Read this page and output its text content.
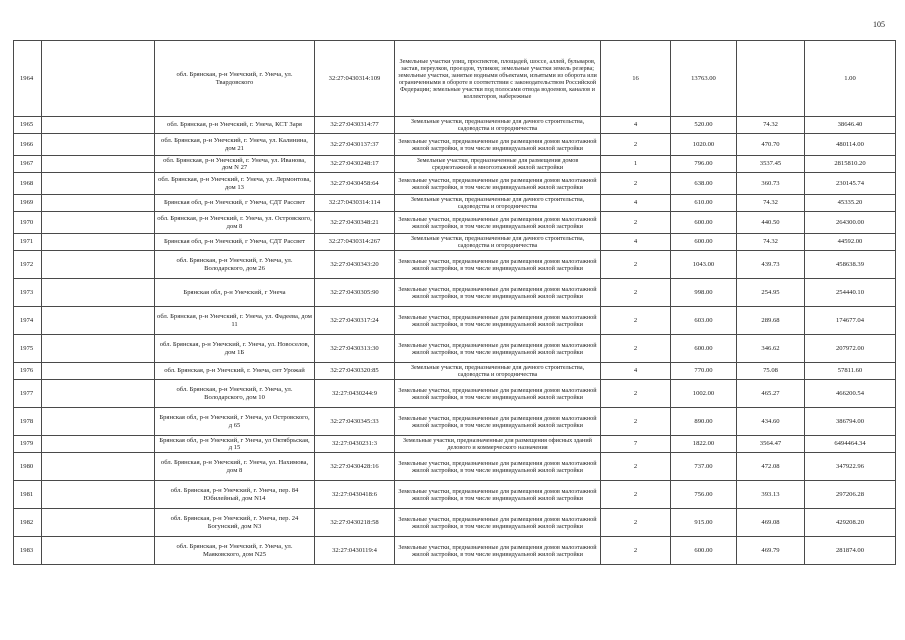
105
1964		обл. Брянская, р-н Унечский, г. Унеча, ул. Твардовского	32:27:0430314:109	Земельные участки улиц, проспектов, площадей, шоссе, аллей, бульваров, застав, переулков, проездов, тупиков; земельные участки земель резерва; земельные участки, занятые водными объектами, изъятыми из оборота или ограниченными в обороте в соответствии с законодательством Российской Федерации; земельные участки под полосами отвода водоемов, каналов и коллекторов, набережные	16	13763.00		1.00
1965		обл. Брянская, р-н Унечский, г. Унеча, КСТ Заря	32:27:0430314:77	Земельные участки, предназначенные для дачного строительства, садоводства и огородничества	4	520.00	74.32	38646.40
1966		обл. Брянская, р-н Унечский, г. Унеча, ул. Калинина, дом 21	32:27:0430137:37	Земельные участки, предназначенные для размещения домов малоэтажной жилой застройки, в том числе индивидуальной жилой застройки	2	1020.00	470.70	480114.00
1967		обл. Брянская, р-н Унечский, г. Унеча, ул. Иванова, дом N 27	32:27:0430248:17	Земельные участки, предназначенные для размещения домов среднеэтажной и многоэтажной жилой застройки	1	796.00	3537.45	2815810.20
1968		обл. Брянская, р-н Унечский, г. Унеча, ул. Лермонтова, дом 13	32:27:0430458:64	Земельные участки, предназначенные для размещения домов малоэтажной жилой застройки, в том числе индивидуальной жилой застройки	2	638.00	360.73	230145.74
1969		Брянская обл, р-н Унечский, г Унеча, СДТ Рассвет	32:27:0430314:114	Земельные участки, предназначенные для дачного строительства, садоводства и огородничества	4	610.00	74.32	45335.20
1970		обл. Брянская, р-н Унечский, г. Унеча, ул. Островского, дом 8	32:27:0430348:21	Земельные участки, предназначенные для размещения домов малоэтажной жилой застройки, в том числе индивидуальной жилой застройки	2	600.00	440.50	264300.00
1971		Брянская обл, р-н Унечский, г Унеча, СДТ Рассвет	32:27:0430314:267	Земельные участки, предназначенные для дачного строительства, садоводства и огородничества	4	600.00	74.32	44592.00
1972		обл. Брянская, р-н Унечский, г. Унеча, ул. Володарского, дом 26	32:27:0430343:20	Земельные участки, предназначенные для размещения домов малоэтажной жилой застройки, в том числе индивидуальной жилой застройки	2	1043.00	439.73	458638.39
1973		Брянская обл, р-н Унечский, г Унеча	32:27:0430305:90	Земельные участки, предназначенные для размещения домов малоэтажной жилой застройки, в том числе индивидуальной жилой застройки	2	998.00	254.95	254440.10
1974		обл. Брянская, р-н Унечский, г. Унеча, ул. Фадеева, дом 11	32:27:0430317:24	Земельные участки, предназначенные для размещения домов малоэтажной жилой застройки, в том числе индивидуальной жилой застройки	2	603.00	289.68	174677.04
1975		обл. Брянская, р-н Унечский, г. Унеча, ул. Новоселов, дом 1Б	32:27:0430313:30	Земельные участки, предназначенные для размещения домов малоэтажной жилой застройки, в том числе индивидуальной жилой застройки	2	600.00	346.62	207972.00
1976		обл. Брянская, р-н Унечский, г. Унеча, снт Урожай	32:27:0430320:85	Земельные участки, предназначенные для дачного строительства, садоводства и огородничества	4	770.00	75.08	57811.60
1977		обл. Брянская, р-н Унечский, г. Унеча, ул. Володарского, дом 10	32:27:0430244:9	Земельные участки, предназначенные для размещения домов малоэтажной жилой застройки, в том числе индивидуальной жилой застройки	2	1002.00	465.27	466200.54
1978		Брянская обл, р-н Унечский, г Унеча, ул Островского, д 65	32:27:0430345:33	Земельные участки, предназначенные для размещения домов малоэтажной жилой застройки, в том числе индивидуальной жилой застройки	2	890.00	434.60	386794.00
1979		Брянская обл, р-н Унечский, г Унеча, ул Октябрьская, д 15	32:27:0430231:3	Земельные участки, предназначенные для размещения офисных зданий делового и коммерческого назначения	7	1822.00	3564.47	6494464.34
1980		обл. Брянская, р-н Унечский, г. Унеча, ул. Нахимова, дом 8	32:27:0430428:16	Земельные участки, предназначенные для размещения домов малоэтажной жилой застройки, в том числе индивидуальной жилой застройки	2	737.00	472.08	347922.96
1981		обл. Брянская, р-н Унечский, г. Унеча, пер. 84 Юбилейный, дом N14	32:27:0430418:6	Земельные участки, предназначенные для размещения домов малоэтажной жилой застройки, в том числе индивидуальной жилой застройки	2	756.00	393.13	297206.28
1982		обл. Брянская, р-н Унечский, г. Унеча, пер. 24 Богунский, дом N3	32:27:0430218:58	Земельные участки, предназначенные для размещения домов малоэтажной жилой застройки, в том числе индивидуальной жилой застройки	2	915.00	469.08	429208.20
1983		обл. Брянская, р-н Унечский, г. Унеча, ул. Маяковского, дом N25	32:27:0430119:4	Земельные участки, предназначенные для размещения домов малоэтажной жилой застройки, в том числе индивидуальной жилой застройки	2	600.00	469.79	281874.00
